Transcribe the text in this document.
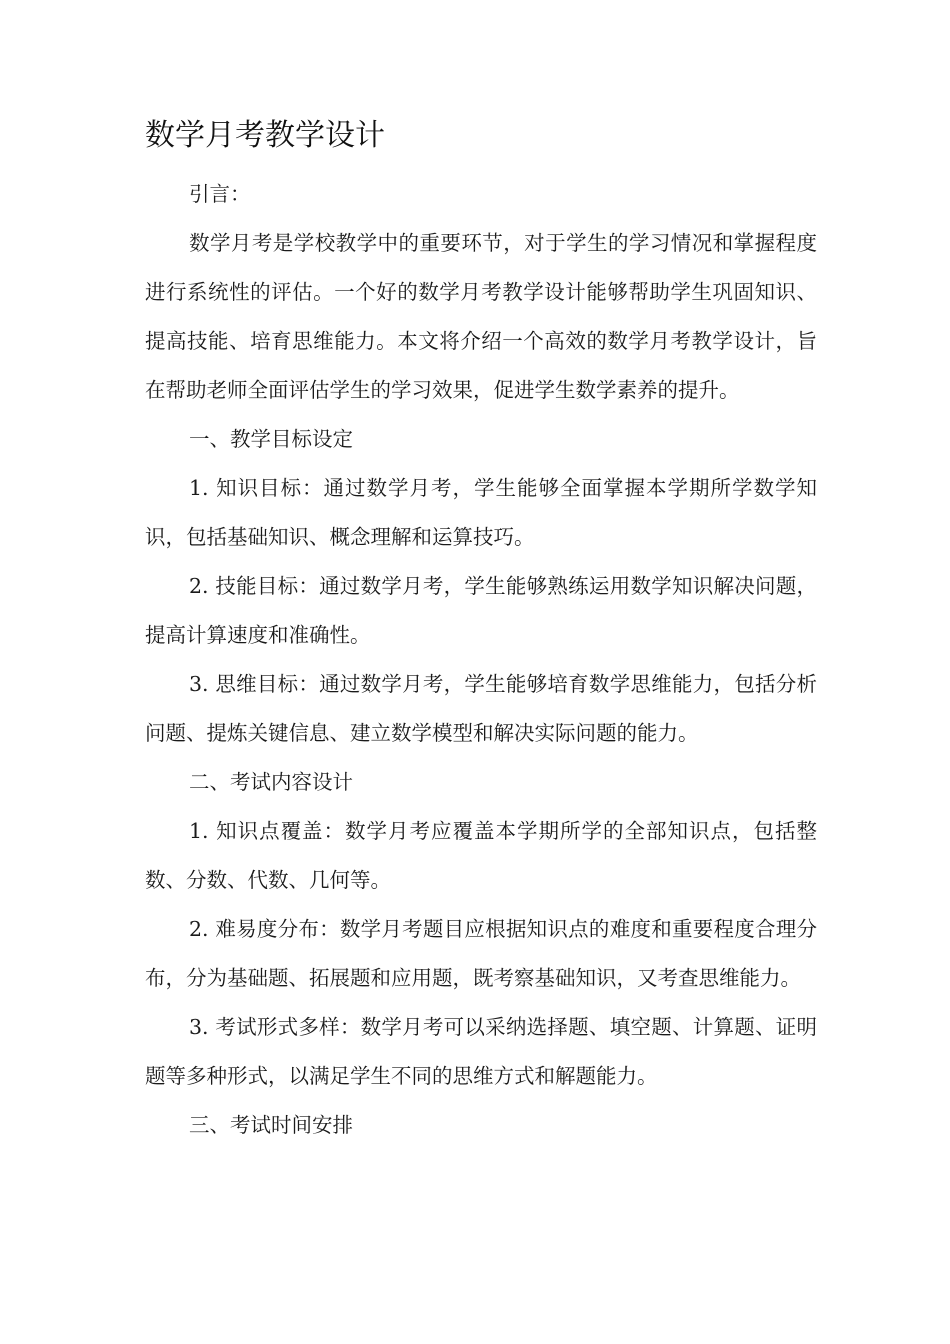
数学月考教学设计

引言：

数学月考是学校教学中的重要环节，对于学生的学习情况和掌握程度进行系统性的评估。一个好的数学月考教学设计能够帮助学生巩固知识、提高技能、培育思维能力。本文将介绍一个高效的数学月考教学设计，旨在帮助老师全面评估学生的学习效果，促进学生数学素养的提升。

一、教学目标设定

1. 知识目标：通过数学月考，学生能够全面掌握本学期所学数学知识，包括基础知识、概念理解和运算技巧。

2. 技能目标：通过数学月考，学生能够熟练运用数学知识解决问题，提高计算速度和准确性。

3. 思维目标：通过数学月考，学生能够培育数学思维能力，包括分析问题、提炼关键信息、建立数学模型和解决实际问题的能力。

二、考试内容设计

1. 知识点覆盖：数学月考应覆盖本学期所学的全部知识点，包括整数、分数、代数、几何等。

2. 难易度分布：数学月考题目应根据知识点的难度和重要程度合理分布，分为基础题、拓展题和应用题，既考察基础知识，又考查思维能力。

3. 考试形式多样：数学月考可以采纳选择题、填空题、计算题、证明题等多种形式，以满足学生不同的思维方式和解题能力。

三、考试时间安排
